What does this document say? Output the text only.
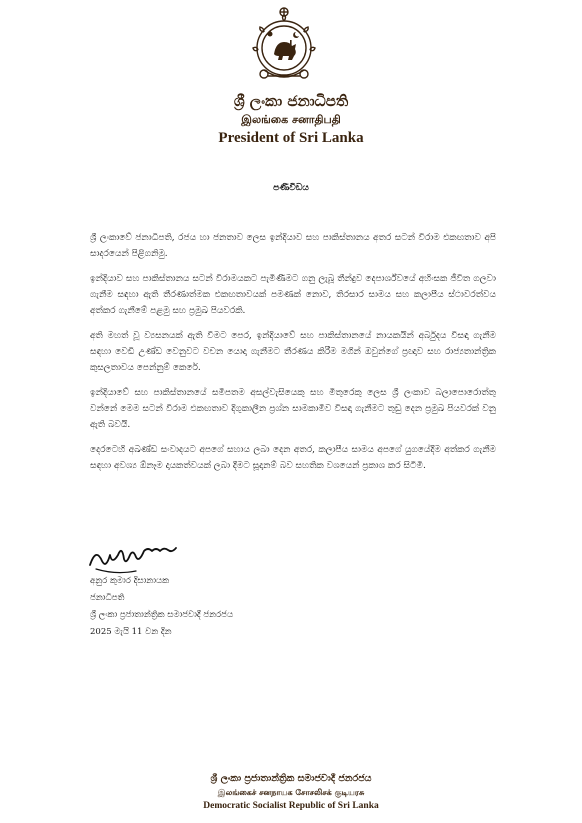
ශ්‍රී ලංකා ජනාධිපති
இலங்கை சனாதிபதி
President of Sri Lanka
පණිවිඩය

ශ්‍රී ලංකාවේ ජනාධිපති, රජය හා ජනතාව ලෙස ඉන්දියාව සහ පාකිස්තානය අතර සටන් විරාම එකඟතාව අපි සාදරයෙන් පිළිගනිමු.

ඉන්දියාව සහ පාකිස්තානය සටන් විරාමයකට පැමිණීමට ගනු ලැබූ තීන්දුව දෙපාර්ශ්වයේ අහිංසක ජීවිත ගලවා ගැනීම සඳහා ඇති තීරණාත්මක එකඟතාවයක් පමණක් නොව, තිරසාර සාමය සහ කලාපීය ස්ථාවරත්වය අත්කර ගැනීමේ පළමු සහ ප්‍රමුඛ පියවරකි.

අති මහත් වූ ව්‍යසනයක් ඇති වීමට පෙර, ඉන්දියාවේ සහ පාකිස්තානයේ නායකයින් අර්බුදය විසඳා ගැනීම සඳහා වෙඩි උණ්ඩ වෙනුවට වචන යොදා ගැනීමට තීරණය කිරීම මගින් ඔවුන්ගේ ප්‍රඥාව සහ රාජ්‍යතාන්ත්‍රික කුසලතාවය පෙන්නුම් කෙරේ.

ඉන්දියාවේ සහ පාකිස්තානයේ සමීපතම අසල්වැසියෙකු සහ මිතුරෙකු ලෙස ශ්‍රී ලංකාව බලාපොරොත්තු වන්නේ මෙම සටන් විරාම එකඟතාව දිගුකාලීන ප්‍රශ්න සාමකාමීව විසඳා ගැනීමට තුඩු දෙන ප්‍රමුඛ පියවරක් වනු ඇති බවයි.

දෙරටෙහි අඛණ්ඩ සංවාදයට අපගේ සහාය ලබා දෙන අතර, කලාපීය සාමය අපගේ යුගයේදීම අත්කර ගැනීම සඳහා අවශ්‍ය ඕනෑම දායකත්වයක් ලබා දීමට සූදානම් බව සහතික වශයෙන් ප්‍රකාශ කර සිටිමි.

අනුර කුමාර දිසානායක
ජනාධිපති
ශ්‍රී ලංකා ප්‍රජාතාන්ත්‍රික සමාජවාදී ජනරජය
2025 මැයි 11 වන දින
ශ්‍රී ලංකා ප්‍රජාතාන්ත්‍රික සමාජවාදී ජනරජය
இலங்கைச் சனநாயக சோசலிசக் குடியரசு
Democratic Socialist Republic of Sri Lanka
